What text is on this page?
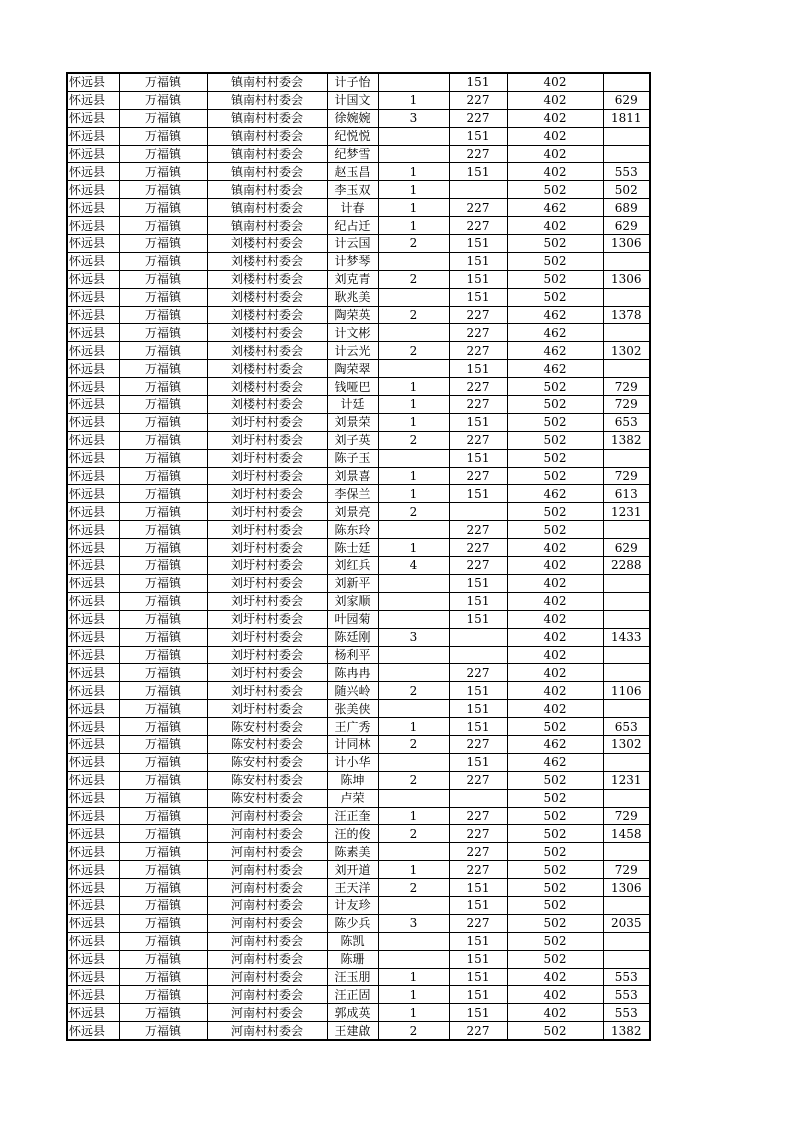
怀远县	万福镇	镇南村村委会	计子怡		151	402	
怀远县	万福镇	镇南村村委会	计国文	1	227	402	629
怀远县	万福镇	镇南村村委会	徐婉婉	3	227	402	1811
怀远县	万福镇	镇南村村委会	纪悦悦		151	402	
怀远县	万福镇	镇南村村委会	纪梦雪		227	402	
怀远县	万福镇	镇南村村委会	赵玉昌	1	151	402	553
怀远县	万福镇	镇南村村委会	李玉双	1		502	502
怀远县	万福镇	镇南村村委会	计春	1	227	462	689
怀远县	万福镇	镇南村村委会	纪占迁	1	227	402	629
怀远县	万福镇	刘楼村村委会	计云国	2	151	502	1306
怀远县	万福镇	刘楼村村委会	计梦琴		151	502	
怀远县	万福镇	刘楼村村委会	刘克青	2	151	502	1306
怀远县	万福镇	刘楼村村委会	耿兆美		151	502	
怀远县	万福镇	刘楼村村委会	陶荣英	2	227	462	1378
怀远县	万福镇	刘楼村村委会	计文彬		227	462	
怀远县	万福镇	刘楼村村委会	计云光	2	227	462	1302
怀远县	万福镇	刘楼村村委会	陶荣翠		151	462	
怀远县	万福镇	刘楼村村委会	钱哑巴	1	227	502	729
怀远县	万福镇	刘楼村村委会	计廷	1	227	502	729
怀远县	万福镇	刘圩村村委会	刘景荣	1	151	502	653
怀远县	万福镇	刘圩村村委会	刘子英	2	227	502	1382
怀远县	万福镇	刘圩村村委会	陈子玉		151	502	
怀远县	万福镇	刘圩村村委会	刘景喜	1	227	502	729
怀远县	万福镇	刘圩村村委会	李保兰	1	151	462	613
怀远县	万福镇	刘圩村村委会	刘景亮	2		502	1231
怀远县	万福镇	刘圩村村委会	陈东玲		227	502	
怀远县	万福镇	刘圩村村委会	陈士廷	1	227	402	629
怀远县	万福镇	刘圩村村委会	刘红兵	4	227	402	2288
怀远县	万福镇	刘圩村村委会	刘新平		151	402	
怀远县	万福镇	刘圩村村委会	刘家顺		151	402	
怀远县	万福镇	刘圩村村委会	叶园菊		151	402	
怀远县	万福镇	刘圩村村委会	陈廷刚	3		402	1433
怀远县	万福镇	刘圩村村委会	杨利平			402	
怀远县	万福镇	刘圩村村委会	陈冉冉		227	402	
怀远县	万福镇	刘圩村村委会	随兴岭	2	151	402	1106
怀远县	万福镇	刘圩村村委会	张美侠		151	402	
怀远县	万福镇	陈安村村委会	王广秀	1	151	502	653
怀远县	万福镇	陈安村村委会	计同林	2	227	462	1302
怀远县	万福镇	陈安村村委会	计小华		151	462	
怀远县	万福镇	陈安村村委会	陈坤	2	227	502	1231
怀远县	万福镇	陈安村村委会	卢荣			502	
怀远县	万福镇	河南村村委会	汪正奎	1	227	502	729
怀远县	万福镇	河南村村委会	汪的俊	2	227	502	1458
怀远县	万福镇	河南村村委会	陈素美		227	502	
怀远县	万福镇	河南村村委会	刘开道	1	227	502	729
怀远县	万福镇	河南村村委会	王天洋	2	151	502	1306
怀远县	万福镇	河南村村委会	计友珍		151	502	
怀远县	万福镇	河南村村委会	陈少兵	3	227	502	2035
怀远县	万福镇	河南村村委会	陈凯		151	502	
怀远县	万福镇	河南村村委会	陈珊		151	502	
怀远县	万福镇	河南村村委会	汪玉朋	1	151	402	553
怀远县	万福镇	河南村村委会	汪正固	1	151	402	553
怀远县	万福镇	河南村村委会	郭成英	1	151	402	553
怀远县	万福镇	河南村村委会	王建啟	2	227	502	1382
